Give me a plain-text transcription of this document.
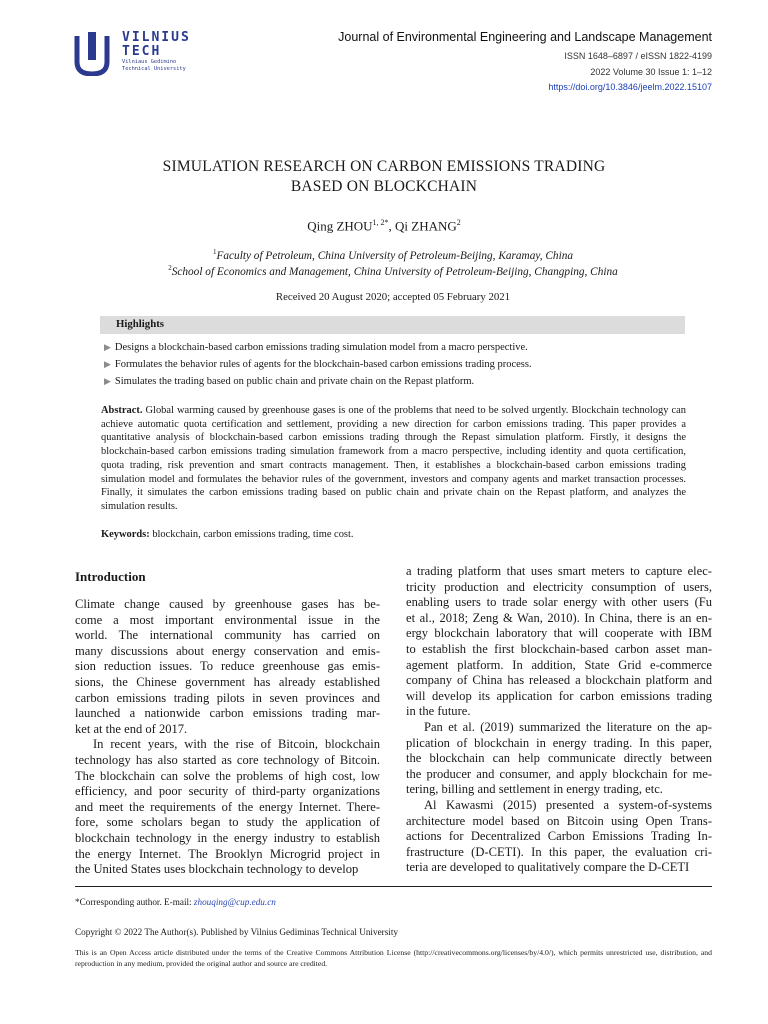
VILNIUS
TECH
Vilniaus Gedimino
Technical University
Journal of Environmental Engineering and Landscape Management
ISSN 1648–6897 / eISSN 1822-4199
2022 Volume 30 Issue 1: 1–12
https://doi.org/10.3846/jeelm.2022.15107
SIMULATION RESEARCH ON CARBON EMISSIONS TRADING
BASED ON BLOCKCHAIN
Qing $ZHOU^{1, 2*}$, Qi ZHANG$^2$
$^1$Faculty of Petroleum, China University of Petroleum-Beijing, Karamay, China
$^2$School of Economics and Management, China University of Petroleum-Beijing, Changping, China
Received 20 August 2020; accepted 05 February 2021
Highlights
▶ Designs a blockchain-based carbon emissions trading simulation model from a macro perspective.
▶ Formulates the behavior rules of agents for the blockchain-based carbon emissions trading process.
▶ Simulates the trading based on public chain and private chain on the Repast platform.
Abstract. Global warming caused by greenhouse gases is one of the problems that need to be solved urgently. Blockchain technology can achieve automatic quota certification and settlement, providing a new direction for carbon emissions trading. This paper provides a quantitative analysis of blockchain-based carbon emissions trading through the Repast simulation platform. Firstly, it designs the blockchain-based carbon emissions trading simulation framework from a macro perspective, including identity and quota certification, quota trading, risk prevention and smart contracts management. Then, it establishes a blockchain-based carbon emissions trading simulation model and formulates the behavior rules of the government, investors and company agents and market transaction processes. Finally, it simulates the carbon emissions trading based on public chain and private chain on the Repast platform, and analyzes the simulation results.
Keywords: blockchain, carbon emissions trading, time cost.
Introduction
Climate change caused by greenhouse gases has be-
come a most important environmental issue in the
world. The international community has carried on
many discussions about energy conservation and emis-
sion reduction issues. To reduce greenhouse gas emis-
sions, the Chinese government has already established
carbon emissions trading pilots in seven provinces and
launched a nationwide carbon emissions trading mar-
ket at the end of 2017.
In recent years, with the rise of Bitcoin, blockchain
technology has also started as core technology of Bitcoin.
The blockchain can solve the problems of high cost, low
efficiency, and poor security of third-party organizations
and meet the requirements of the energy Internet. There-
fore, some scholars began to study the application of
blockchain technology in the energy industry to establish
the energy Internet. The Brooklyn Microgrid project in
the United States uses blockchain technology to develop
a trading platform that uses smart meters to capture elec-
tricity production and electricity consumption of users,
enabling users to trade solar energy with other users (Fu
et al., 2018; Zeng & Wan, 2010). In China, there is an en-
ergy blockchain laboratory that will cooperate with IBM
to establish the first blockchain-based carbon asset man-
agement platform. In addition, State Grid e-commerce
company of China has released a blockchain platform and
will develop its application for carbon emissions trading
in the future.
Pan et al. (2019) summarized the literature on the ap-
plication of blockchain in energy trading. In this paper,
the blockchain can help communicate directly between
the producer and consumer, and apply blockchain for me-
tering, billing and settlement in energy trading, etc.
Al Kawasmi (2015) presented a system-of-systems
architecture model based on Bitcoin using Open Trans-
actions for Decentralized Carbon Emissions Trading In-
frastructure (D-CETI). In this paper, the evaluation cri-
teria are developed to qualitatively compare the D-CETI
*Corresponding author. E-mail: zhouqing@cup.edu.cn
Copyright © 2022 The Author(s). Published by Vilnius Gediminas Technical University
This is an Open Access article distributed under the terms of the Creative Commons Attribution License (http://creativecommons.org/licenses/by/4.0/), which permits unrestricted use, distribution, and reproduction in any medium, provided the original author and source are credited.
